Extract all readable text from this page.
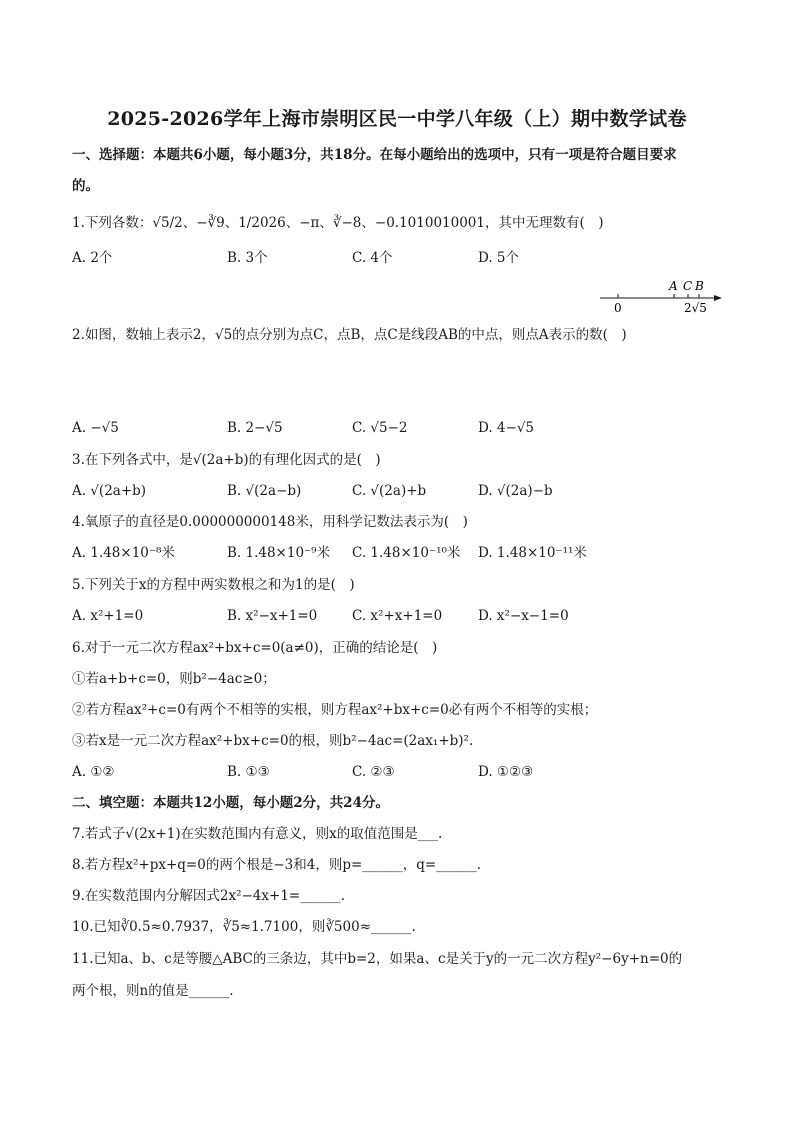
2025-2026学年上海市崇明区民一中学八年级（上）期中数学试卷
一、选择题：本题共6小题，每小题3分，共18分。在每小题给出的选项中，只有一项是符合题目要求
的。
1.下列各数：√5/2、−∛9、1/2026、−π、∛−8、−0.1010010001，其中无理数有(　)
A. 2个	B. 3个	C. 4个	D. 5个
A C B
0	2√5
2.如图，数轴上表示2，√5的点分别为点C，点B，点C是线段AB的中点，则点A表示的数(　)
A. −√5	B. 2−√5	C. √5−2	D. 4−√5
3.在下列各式中，是√(2a+b)的有理化因式的是(　)
A. √(2a+b)	B. √(2a−b)	C. √(2a)+b	D. √(2a)−b
4.氧原子的直径是0.000000000148米，用科学记数法表示为(　)
A. 1.48×10⁻⁸米	B. 1.48×10⁻⁹米 C. 1.48×10⁻¹⁰米 D. 1.48×10⁻¹¹米
5.下列关于x的方程中两实数根之和为1的是(　)
A. x²+1=0	B. x²−x+1=0	C. x²+x+1=0	D. x²−x−1=0
6.对于一元二次方程ax²+bx+c=0(a≠0)，正确的结论是(　)
①若a+b+c=0，则b²−4ac≥0；
②若方程ax²+c=0有两个不相等的实根，则方程ax²+bx+c=0必有两个不相等的实根；
③若x是一元二次方程ax²+bx+c=0的根，则b²−4ac=(2ax₁+b)².
A. ①②	B. ①③	C. ②③	D. ①②③
二、填空题：本题共12小题，每小题2分，共24分。
7.若式子√(2x+1)在实数范围内有意义，则x的取值范围是___.
8.若方程x²+px+q=0的两个根是−3和4，则p=______，q=______.
9.在实数范围内分解因式2x²−4x+1=______.
10.已知∛0.5≈0.7937，∛5≈1.7100，则∛500≈______.
11.已知a、b、c是等腰△ABC的三条边，其中b=2，如果a、c是关于y的一元二次方程y²−6y+n=0的
两个根，则n的值是______.
